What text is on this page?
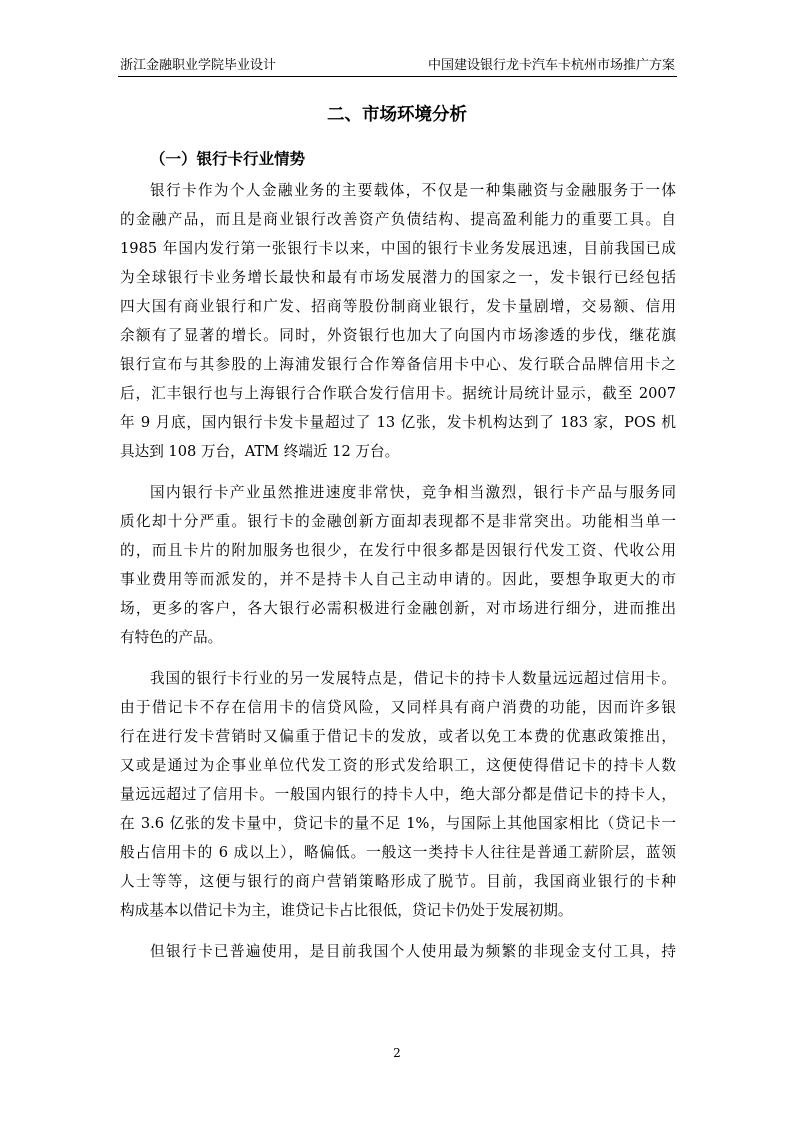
浙江金融职业学院毕业设计	中国建设银行龙卡汽车卡杭州市场推广方案
二、市场环境分析
（一）银行卡行业情势
银行卡作为个人金融业务的主要载体，不仅是一种集融资与金融服务于一体
的金融产品，而且是商业银行改善资产负债结构、提高盈利能力的重要工具。自
1985 年国内发行第一张银行卡以来，中国的银行卡业务发展迅速，目前我国已成
为全球银行卡业务增长最快和最有市场发展潜力的国家之一，发卡银行已经包括
四大国有商业银行和广发、招商等股份制商业银行，发卡量剧增，交易额、信用
余额有了显著的增长。同时，外资银行也加大了向国内市场渗透的步伐，继花旗
银行宣布与其参股的上海浦发银行合作筹备信用卡中心、发行联合品牌信用卡之
后，汇丰银行也与上海银行合作联合发行信用卡。据统计局统计显示，截至 2007
年 9 月底，国内银行卡发卡量超过了 13 亿张，发卡机构达到了 183 家，POS 机
具达到 108 万台，ATM 终端近 12 万台。
国内银行卡产业虽然推进速度非常快，竞争相当激烈，银行卡产品与服务同
质化却十分严重。银行卡的金融创新方面却表现都不是非常突出。功能相当单一
的，而且卡片的附加服务也很少，在发行中很多都是因银行代发工资、代收公用
事业费用等而派发的，并不是持卡人自己主动申请的。因此，要想争取更大的市
场，更多的客户，各大银行必需积极进行金融创新，对市场进行细分，进而推出
有特色的产品。
我国的银行卡行业的另一发展特点是，借记卡的持卡人数量远远超过信用卡。
由于借记卡不存在信用卡的信贷风险，又同样具有商户消费的功能，因而许多银
行在进行发卡营销时又偏重于借记卡的发放，或者以免工本费的优惠政策推出，
又或是通过为企事业单位代发工资的形式发给职工，这便使得借记卡的持卡人数
量远远超过了信用卡。一般国内银行的持卡人中，绝大部分都是借记卡的持卡人，
在 3.6 亿张的发卡量中，贷记卡的量不足 1%，与国际上其他国家相比（贷记卡一
般占信用卡的 6 成以上），略偏低。一般这一类持卡人往往是普通工薪阶层，蓝领
人士等等，这便与银行的商户营销策略形成了脱节。目前，我国商业银行的卡种
构成基本以借记卡为主，谁贷记卡占比很低，贷记卡仍处于发展初期。
但银行卡已普遍使用，是目前我国个人使用最为频繁的非现金支付工具，持
2
